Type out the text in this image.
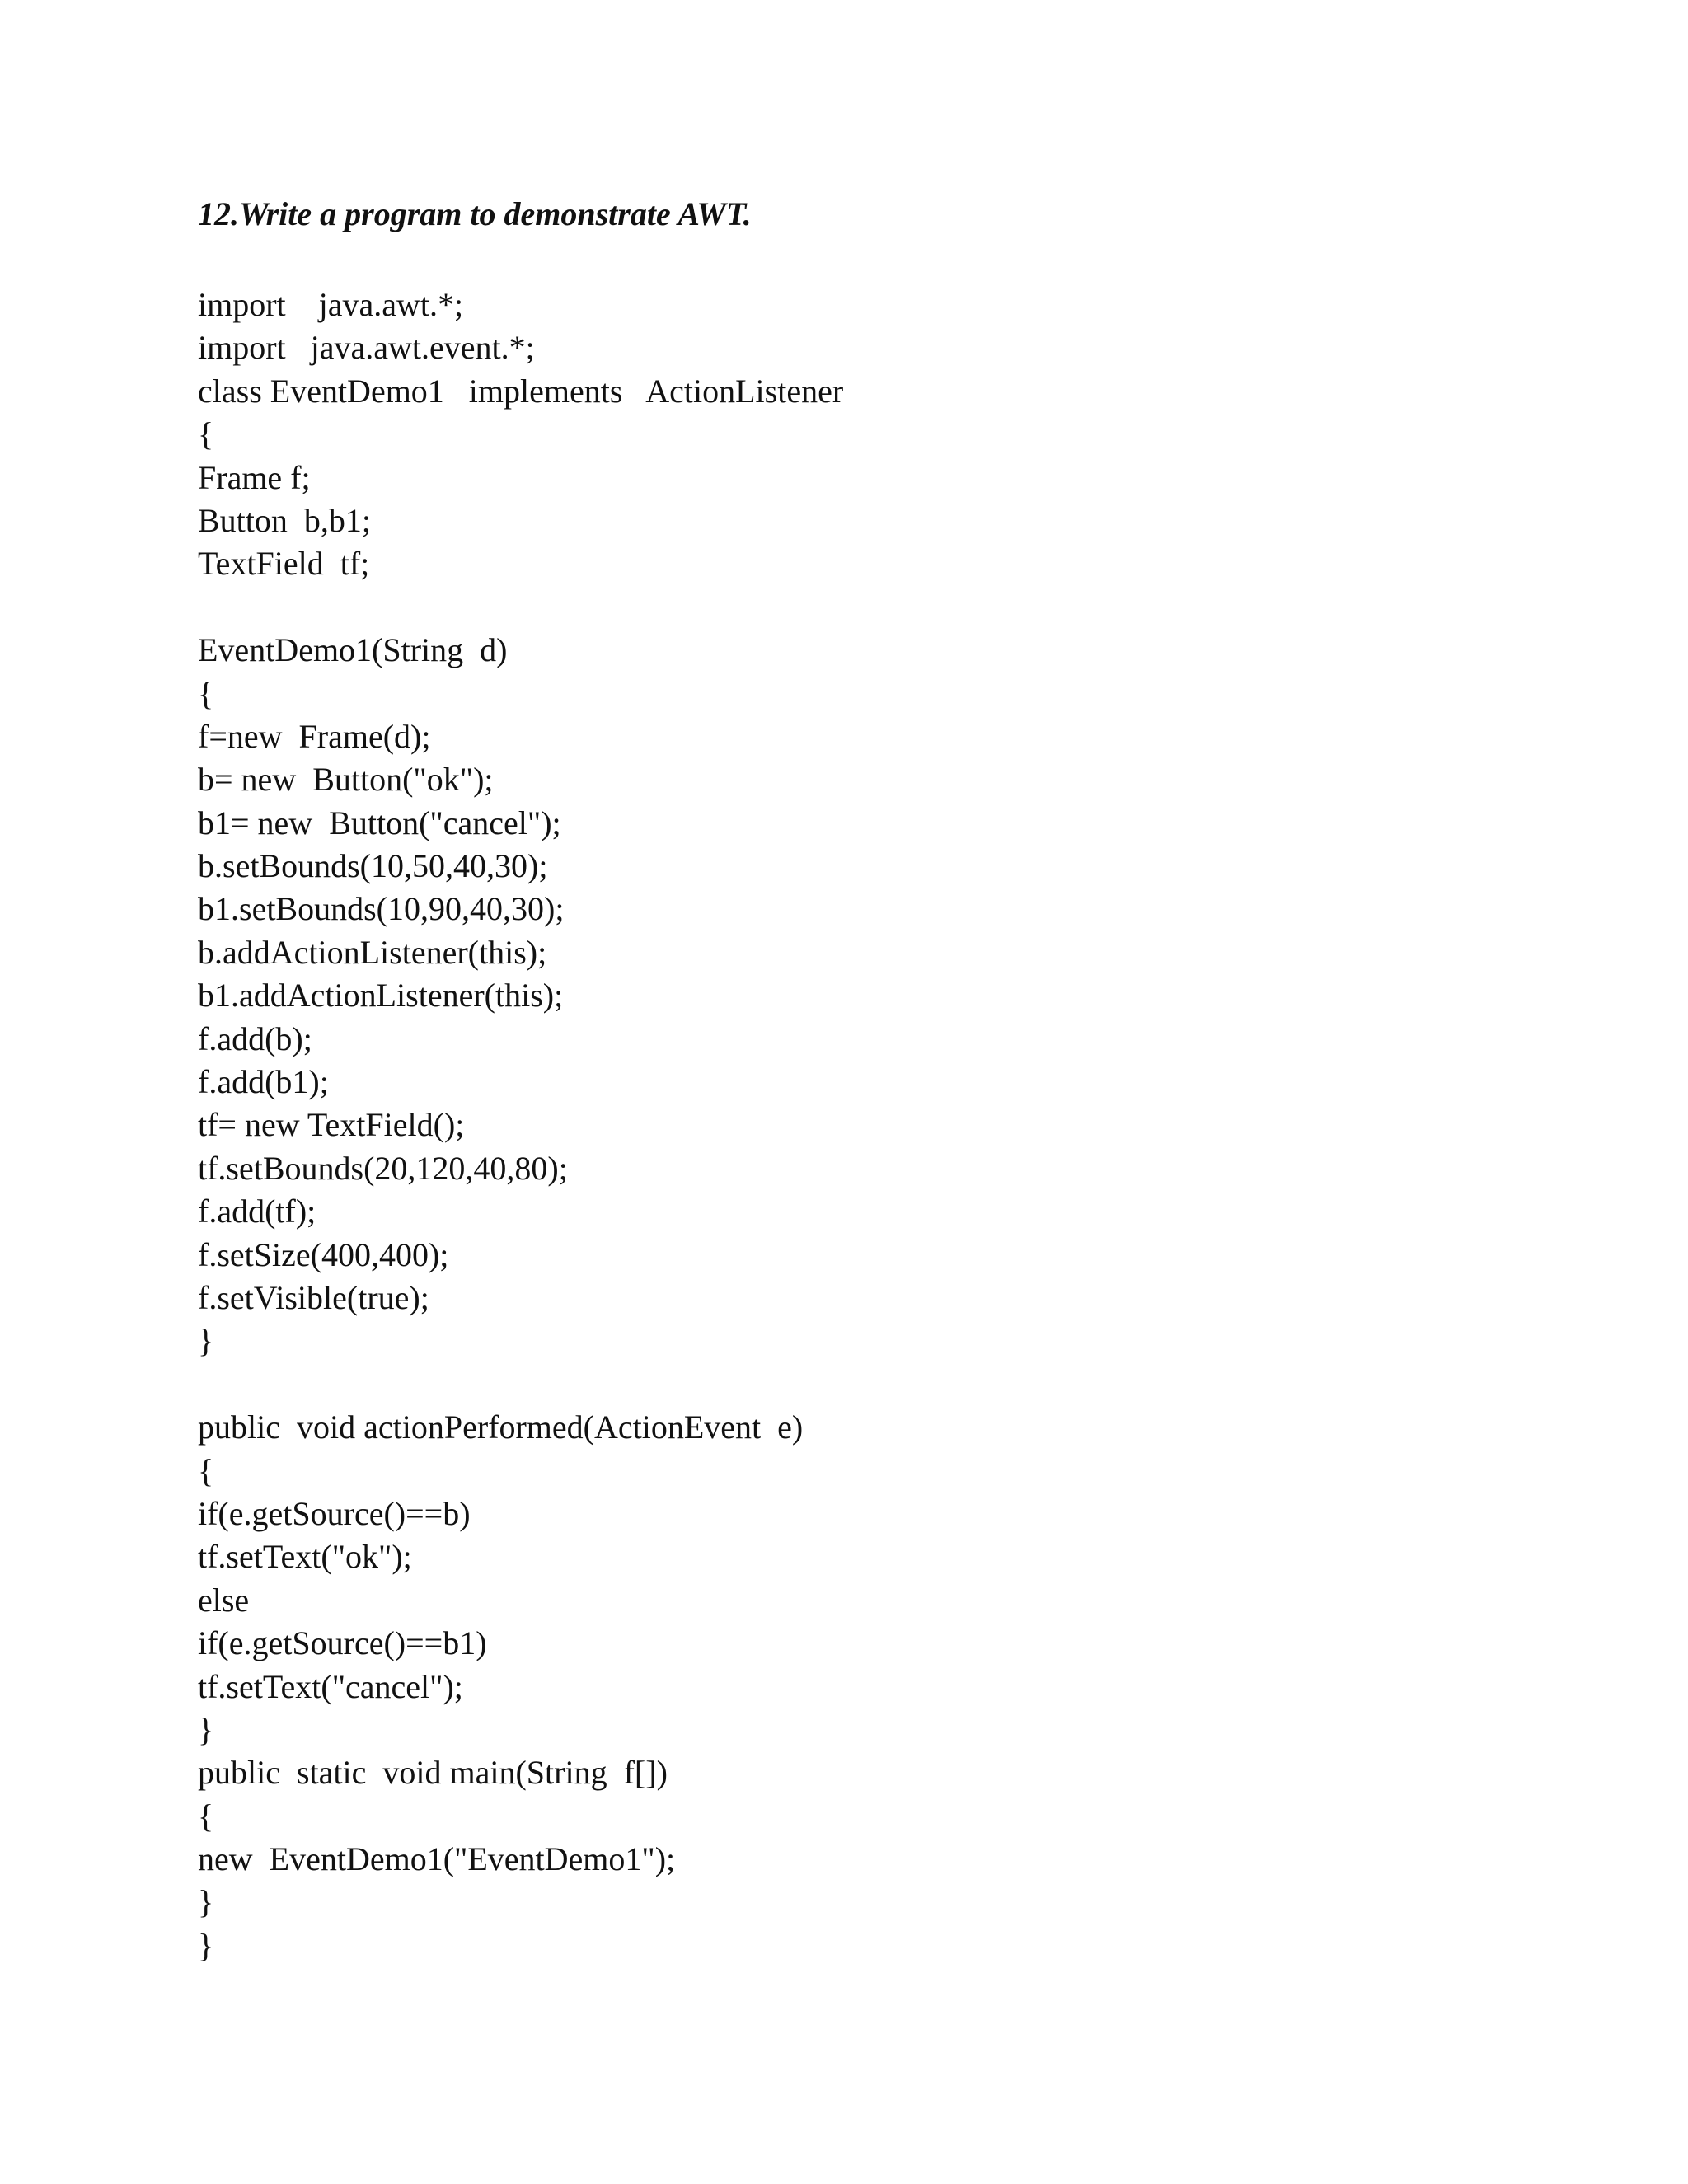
12.Write a program to demonstrate AWT.
import    java.awt.*;
import   java.awt.event.*;
class EventDemo1   implements   ActionListener
{
Frame f;
Button  b,b1;
TextField  tf;
EventDemo1(String  d)
{
f=new  Frame(d);
b= new  Button("ok");
b1= new  Button("cancel");
b.setBounds(10,50,40,30);
b1.setBounds(10,90,40,30);
b.addActionListener(this);
b1.addActionListener(this);
f.add(b);
f.add(b1);
tf= new TextField();
tf.setBounds(20,120,40,80);
f.add(tf);
f.setSize(400,400);
f.setVisible(true);
}
public  void actionPerformed(ActionEvent  e)
{
if(e.getSource()==b)
tf.setText("ok");
else
if(e.getSource()==b1)
tf.setText("cancel");
}
public  static  void main(String  f[])
{
new  EventDemo1("EventDemo1");
}
}
